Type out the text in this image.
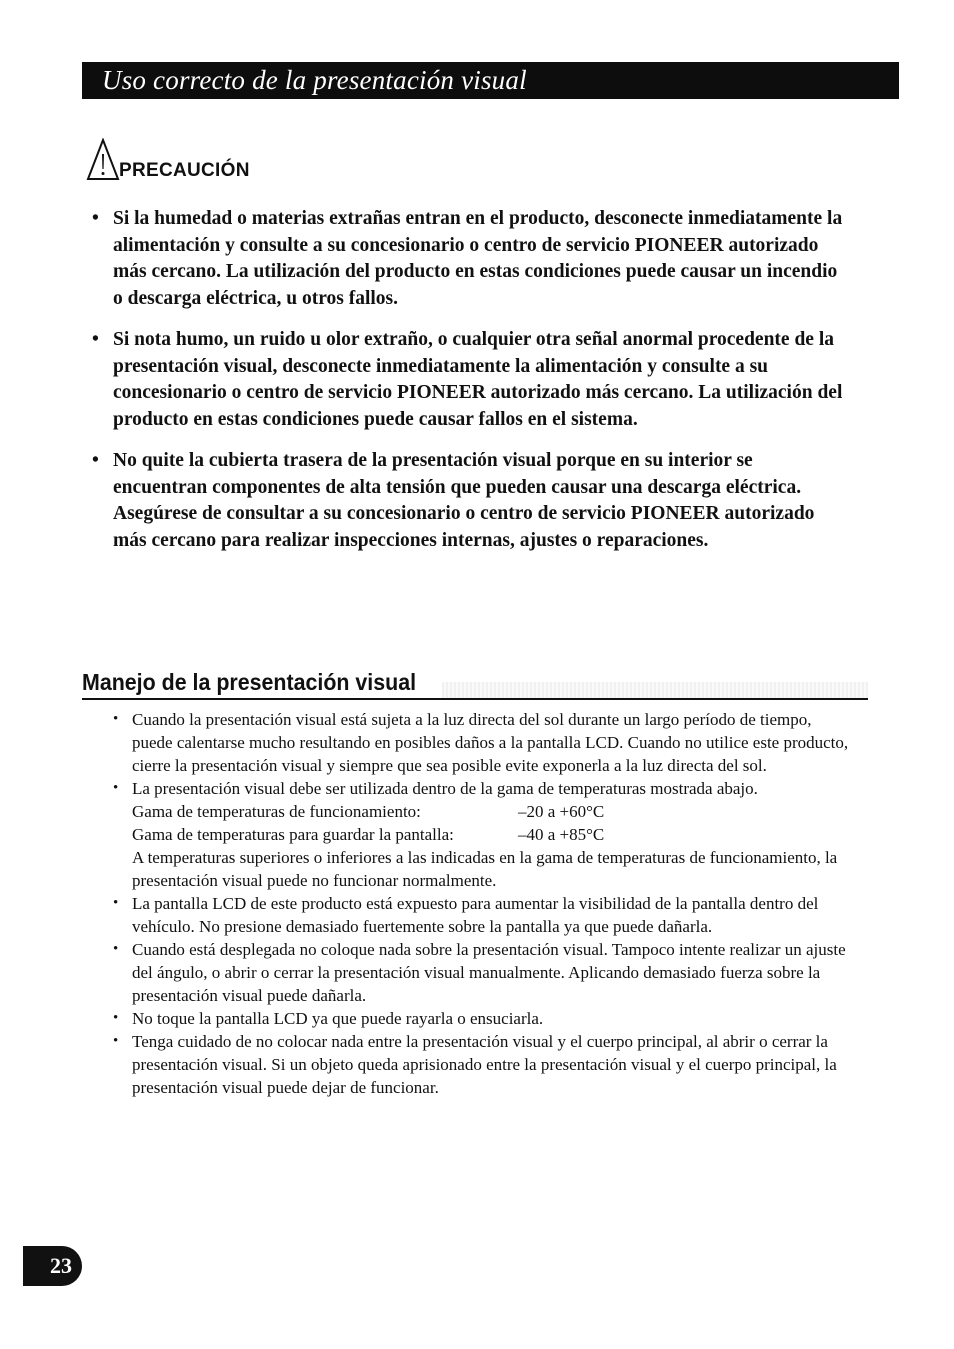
Uso correcto de la presentación visual
PRECAUCIÓN
• Si la humedad o materias extrañas entran en el producto, desconecte inmediatamente la alimentación y consulte a su concesionario o centro de servicio PIONEER autorizado más cercano. La utilización del producto en estas condiciones puede causar un incendio o descarga eléctrica, u otros fallos.
• Si nota humo, un ruido u olor extraño, o cualquier otra señal anormal procedente de la presentación visual, desconecte inmediatamente la alimentación y consulte a su concesionario o centro de servicio PIONEER autorizado más cercano. La utilización del producto en estas condiciones puede causar fallos en el sistema.
• No quite la cubierta trasera de la presentación visual porque en su interior se encuentran componentes de alta tensión que pueden causar una descarga eléctrica. Asegúrese de consultar a su concesionario o centro de servicio PIONEER autorizado más cercano para realizar inspecciones internas, ajustes o reparaciones.
Manejo de la presentación visual
• Cuando la presentación visual está sujeta a la luz directa del sol durante un largo período de tiempo, puede calentarse mucho resultando en posibles daños a la pantalla LCD. Cuando no utilice este producto, cierre la presentación visual y siempre que sea posible evite exponerla a la luz directa del sol.
• La presentación visual debe ser utilizada dentro de la gama de temperaturas mostrada abajo.
Gama de temperaturas de funcionamiento:	–20 a +60°C
Gama de temperaturas para guardar la pantalla:	–40 a +85°C
A temperaturas superiores o inferiores a las indicadas en la gama de temperaturas de funcionamiento, la presentación visual puede no funcionar normalmente.
• La pantalla LCD de este producto está expuesto para aumentar la visibilidad de la pantalla dentro del vehículo. No presione demasiado fuertemente sobre la pantalla ya que puede dañarla.
• Cuando está desplegada no coloque nada sobre la presentación visual. Tampoco intente realizar un ajuste del ángulo, o abrir o cerrar la presentación visual manualmente. Aplicando demasiado fuerza sobre la presentación visual puede dañarla.
• No toque la pantalla LCD ya que puede rayarla o ensuciarla.
• Tenga cuidado de no colocar nada entre la presentación visual y el cuerpo principal, al abrir o cerrar la presentación visual. Si un objeto queda aprisionado entre la presentación visual y el cuerpo principal, la presentación visual puede dejar de funcionar.
23
